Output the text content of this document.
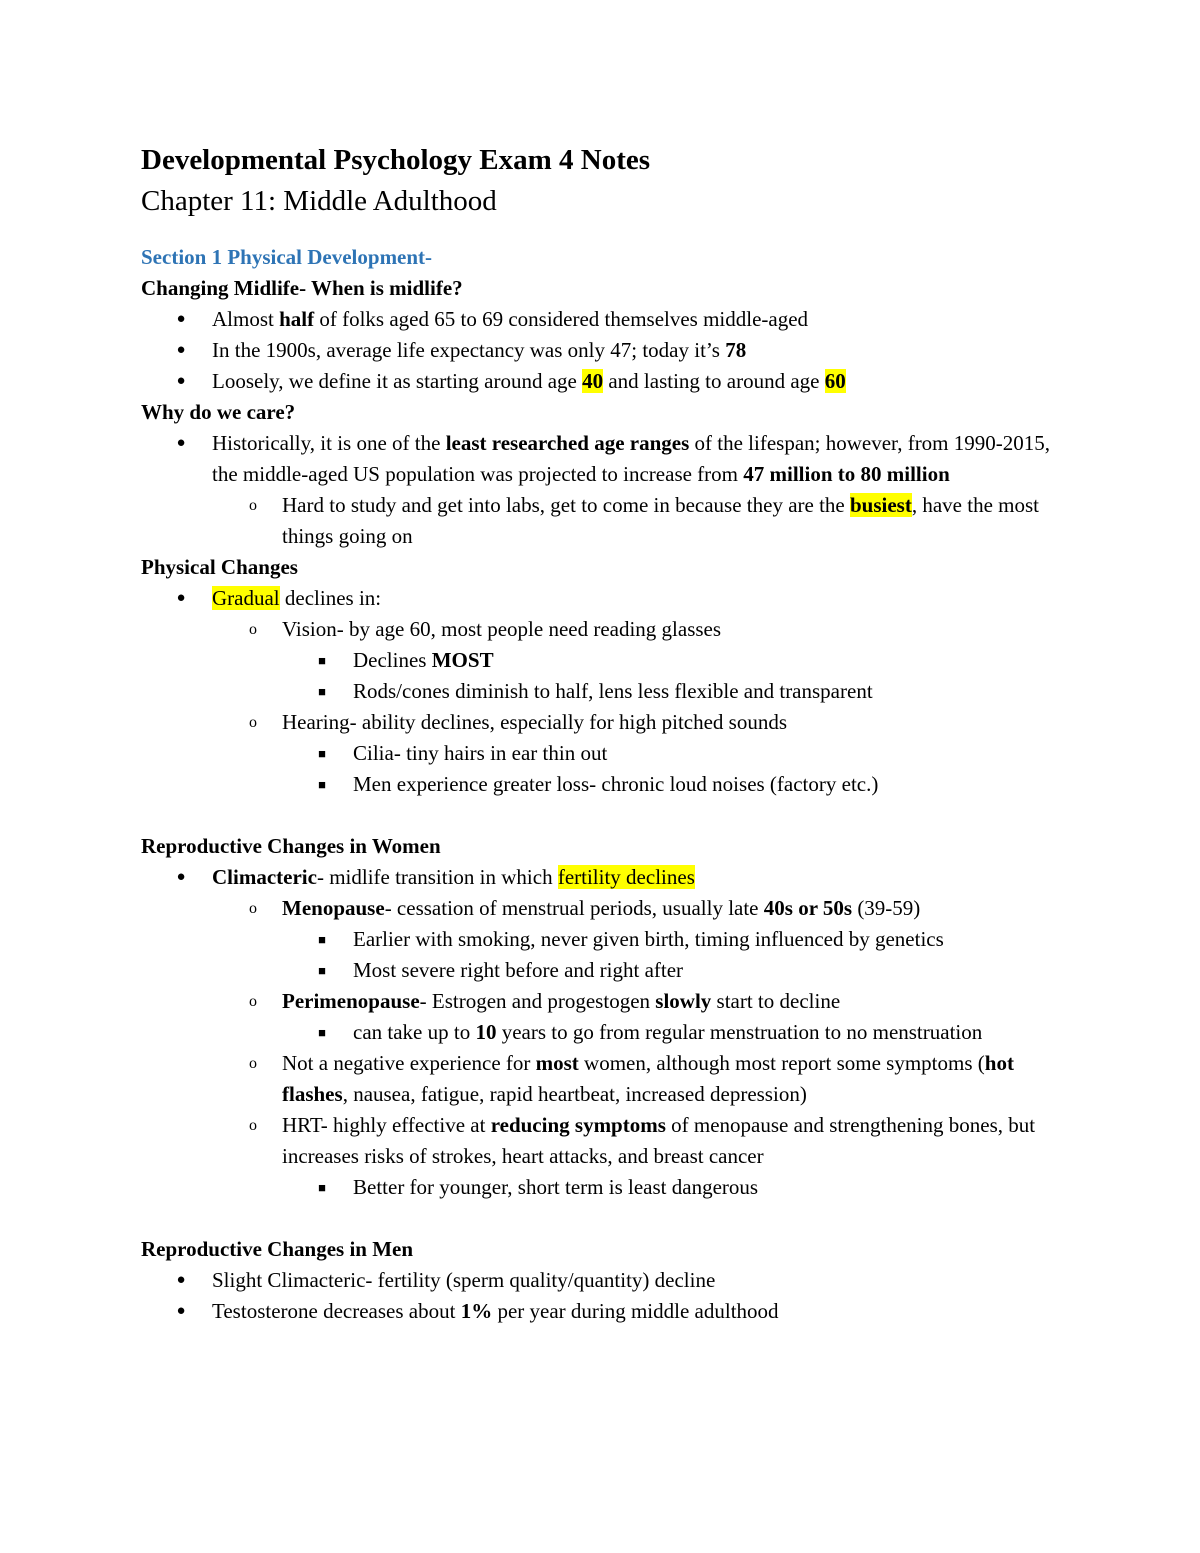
Developmental Psychology Exam 4 Notes
Chapter 11: Middle Adulthood
Section 1 Physical Development-
Changing Midlife- When is midlife?
● Almost half of folks aged 65 to 69 considered themselves middle-aged
● In the 1900s, average life expectancy was only 47; today it’s 78
● Loosely, we define it as starting around age 40 and lasting to around age 60
Why do we care?
● Historically, it is one of the least researched age ranges of the lifespan; however, from 1990-2015, the middle-aged US population was projected to increase from 47 million to 80 million
o Hard to study and get into labs, get to come in because they are the busiest, have the most things going on
Physical Changes
● Gradual declines in:
o Vision- by age 60, most people need reading glasses
■ Declines MOST
■ Rods/cones diminish to half, lens less flexible and transparent
o Hearing- ability declines, especially for high pitched sounds
■ Cilia- tiny hairs in ear thin out
■ Men experience greater loss- chronic loud noises (factory etc.)
Reproductive Changes in Women
● Climacteric- midlife transition in which fertility declines
o Menopause- cessation of menstrual periods, usually late 40s or 50s (39-59)
■ Earlier with smoking, never given birth, timing influenced by genetics
■ Most severe right before and right after
o Perimenopause- Estrogen and progestogen slowly start to decline
■ can take up to 10 years to go from regular menstruation to no menstruation
o Not a negative experience for most women, although most report some symptoms (hot flashes, nausea, fatigue, rapid heartbeat, increased depression)
o HRT- highly effective at reducing symptoms of menopause and strengthening bones, but increases risks of strokes, heart attacks, and breast cancer
■ Better for younger, short term is least dangerous
Reproductive Changes in Men
● Slight Climacteric- fertility (sperm quality/quantity) decline
● Testosterone decreases about 1% per year during middle adulthood
